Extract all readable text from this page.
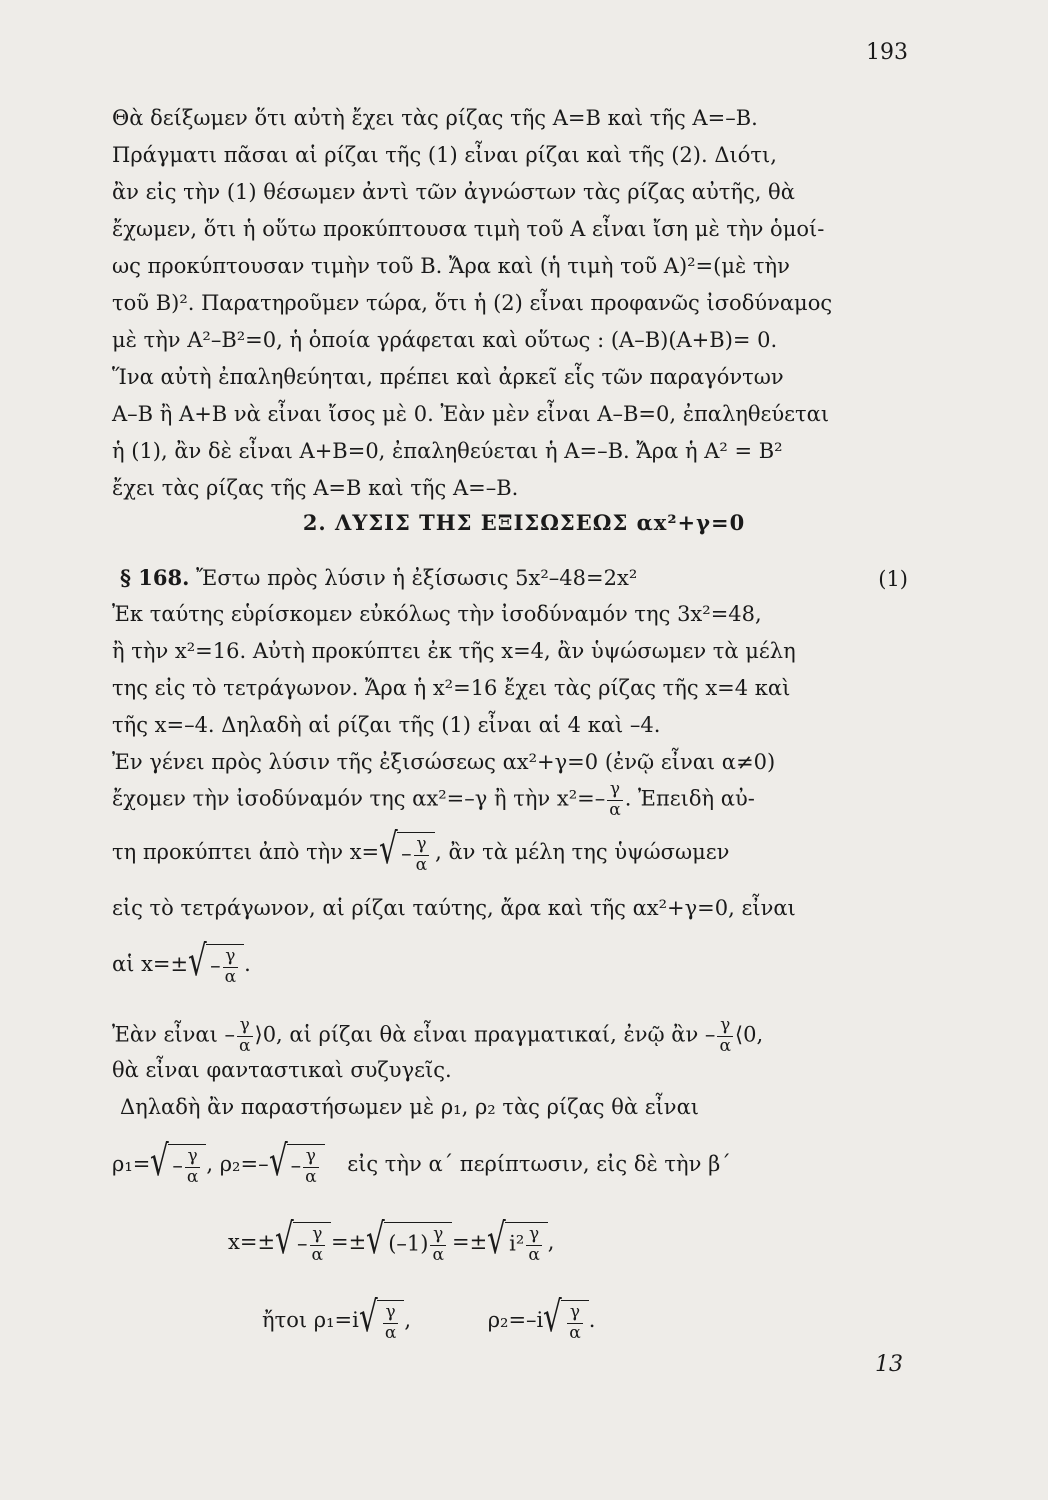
193
Θὰ δείξωμεν ὅτι αὐτὴ ἔχει τὰς ρίζας τῆς Α=Β καὶ τῆς Α=–Β.
Πράγματι πᾶσαι αἱ ρίζαι τῆς (1) εἶναι ρίζαι καὶ τῆς (2). Διότι,
ἂν εἰς τὴν (1) θέσωμεν ἀντὶ τῶν ἀγνώστων τὰς ρίζας αὐτῆς, θὰ
ἔχωμεν, ὅτι ἡ οὕτω προκύπτουσα τιμὴ τοῦ Α εἶναι ἴση μὲ τὴν ὁμοί-
ως προκύπτουσαν τιμὴν τοῦ Β. Ἄρα καὶ (ἡ τιμὴ τοῦ Α)²=(μὲ τὴν
τοῦ Β)². Παρατηροῦμεν τώρα, ὅτι ἡ (2) εἶναι προφανῶς ἰσοδύναμος
μὲ τὴν Α²–Β²=0, ἡ ὁποία γράφεται καὶ οὕτως : (Α–Β)(Α+Β)= 0.
Ἵνα αὐτὴ ἐπαληθεύηται, πρέπει καὶ ἀρκεῖ εἷς τῶν παραγόντων
Α–Β ἢ Α+Β νὰ εἶναι ἴσος μὲ 0. Ἐὰν μὲν εἶναι Α–Β=0, ἐπαληθεύεται
ἡ (1), ἂν δὲ εἶναι Α+Β=0, ἐπαληθεύεται ἡ Α=–Β. Ἄρα ἡ Α² = Β²
ἔχει τὰς ρίζας τῆς Α=Β καὶ τῆς Α=–Β.
2. ΛΥΣΙΣ ΤΗΣ ΕΞΙΣΩΣΕΩΣ αx²+γ=0
§ 168. Ἔστω πρὸς λύσιν ἡ ἐξίσωσις 5x²–48=2x²	(1)
Ἐκ ταύτης εὑρίσκομεν εὐκόλως τὴν ἰσοδύναμόν της 3x²=48,
ἢ τὴν x²=16. Αὐτὴ προκύπτει ἐκ τῆς x=4, ἂν ὑψώσωμεν τὰ μέλη
της εἰς τὸ τετράγωνον. Ἄρα ἡ x²=16 ἔχει τὰς ρίζας τῆς x=4 καὶ
τῆς x=–4. Δηλαδὴ αἱ ρίζαι τῆς (1) εἶναι αἱ 4 καὶ –4.
Ἐν γένει πρὸς λύσιν τῆς ἐξισώσεως αx²+γ=0 (ἐνῷ εἶναι α≠0)
ἔχομεν τὴν ἰσοδύναμόν της αx²=–γ ἢ τὴν $x^2=- \frac{\gamma}{\alpha}$ . Ἐπειδὴ αὐ-
τη προκύπτει ἀπὸ τὴν x= √ – $\frac{\gamma}{\alpha}$ , ἂν τὰ μέλη της ὑψώσωμεν
εἰς τὸ τετράγωνον, αἱ ρίζαι ταύτης, ἄρα καὶ τῆς αx²+γ=0, εἶναι
αἱ x=± √ – $\frac{\gamma}{\alpha}$ .
Ἐὰν εἶναι – $\frac{\gamma}{\alpha}$ ⟩0, αἱ ρίζαι θὰ εἶναι πραγματικαί, ἐνῷ ἂν – $\frac{\gamma}{\alpha}$ ⟨0,
θὰ εἶναι φανταστικαὶ συζυγεῖς.
Δηλαδὴ ἂν παραστήσωμεν μὲ ρ₁, ρ₂ τὰς ρίζας θὰ εἶναι
ρ₁= √ – $\frac{\gamma}{\alpha}$ , ρ₂=– √ – $\frac{\gamma}{\alpha}$ εἰς τὴν α΄ περίπτωσιν, εἰς δὲ τὴν β΄
x=± √ – $\frac{\gamma}{\alpha}$ =± √ $(-1) \frac{\gamma}{\alpha}$ =± √ $i^2 \frac{\gamma}{\alpha}$ ,
ἤτοι ρ₁=i √ $\frac{\gamma}{\alpha}$ ,	ρ₂=–i √ $\frac{\gamma}{\alpha}$ .
13
